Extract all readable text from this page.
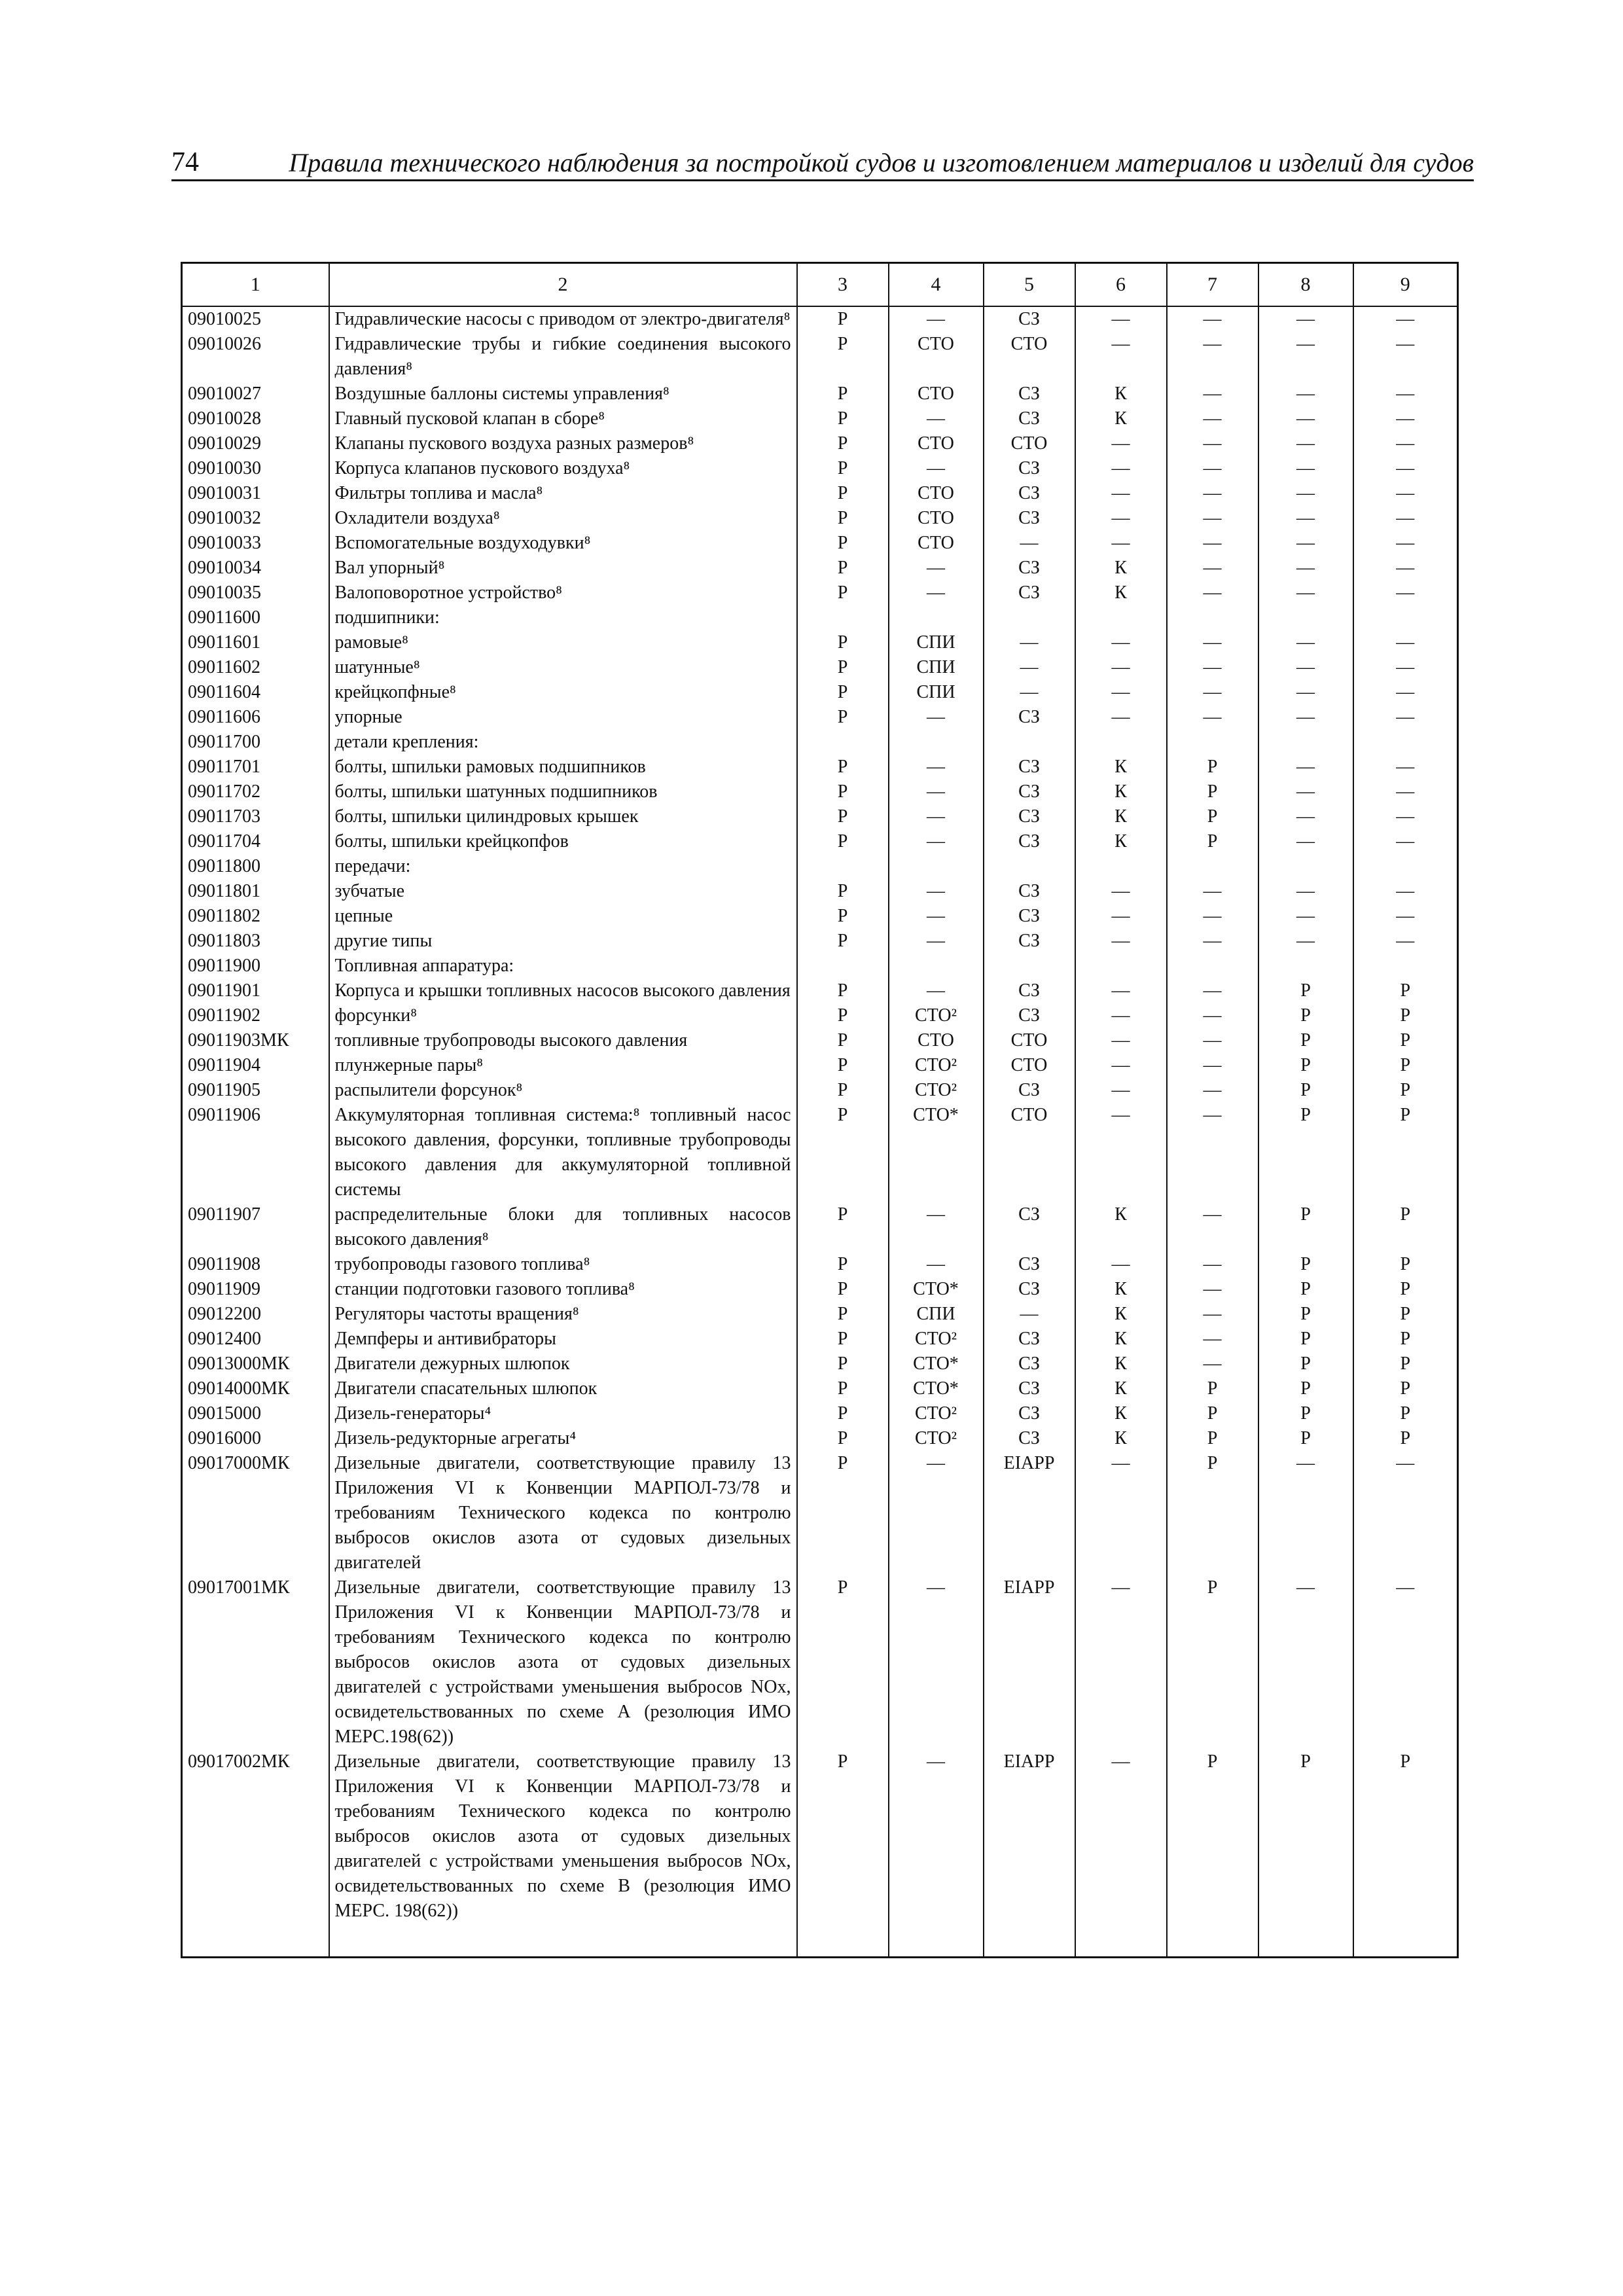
74	Правила технического наблюдения за постройкой судов и изготовлением материалов и изделий для судов
1	2	3	4	5	6	7	8	9
09010025	Гидравлические насосы с приводом от электро-двигателя⁸	Р	—	СЗ	—	—	—	—
09010026	Гидравлические трубы и гибкие соединения высокого давления⁸	Р	СТО	СТО	—	—	—	—
09010027	Воздушные баллоны системы управления⁸	Р	СТО	СЗ	К	—	—	—
09010028	Главный пусковой клапан в сборе⁸	Р	—	СЗ	К	—	—	—
09010029	Клапаны пускового воздуха разных размеров⁸	Р	СТО	СТО	—	—	—	—
09010030	Корпуса клапанов пускового воздуха⁸	Р	—	СЗ	—	—	—	—
09010031	Фильтры топлива и масла⁸	Р	СТО	СЗ	—	—	—	—
09010032	Охладители воздуха⁸	Р	СТО	СЗ	—	—	—	—
09010033	Вспомогательные воздуходувки⁸	Р	СТО	—	—	—	—	—
09010034	Вал упорный⁸	Р	—	СЗ	К	—	—	—
09010035	Валоповоротное устройство⁸	Р	—	СЗ	К	—	—	—
09011600	подшипники:							
09011601	рамовые⁸	Р	СПИ	—	—	—	—	—
09011602	шатунные⁸	Р	СПИ	—	—	—	—	—
09011604	крейцкопфные⁸	Р	СПИ	—	—	—	—	—
09011606	упорные	Р	—	СЗ	—	—	—	—
09011700	детали крепления:							
09011701	болты, шпильки рамовых подшипников	Р	—	СЗ	К	Р	—	—
09011702	болты, шпильки шатунных подшипников	Р	—	СЗ	К	Р	—	—
09011703	болты, шпильки цилиндровых крышек	Р	—	СЗ	К	Р	—	—
09011704	болты, шпильки крейцкопфов	Р	—	СЗ	К	Р	—	—
09011800	передачи:							
09011801	зубчатые	Р	—	СЗ	—	—	—	—
09011802	цепные	Р	—	СЗ	—	—	—	—
09011803	другие типы	Р	—	СЗ	—	—	—	—
09011900	Топливная аппаратура:							
09011901	Корпуса и крышки топливных насосов высокого давления	Р	—	СЗ	—	—	Р	Р
09011902	форсунки⁸	Р	СТО²	СЗ	—	—	Р	Р
09011903МК	топливные трубопроводы высокого давления	Р	СТО	СТО	—	—	Р	Р
09011904	плунжерные пары⁸	Р	СТО²	СТО	—	—	Р	Р
09011905	распылители форсунок⁸	Р	СТО²	СЗ	—	—	Р	Р
09011906	Аккумуляторная топливная система:⁸ топливный насос высокого давления, форсунки, топливные трубопроводы высокого давления для аккумуляторной топливной системы	Р	СТО*	СТО	—	—	Р	Р
09011907	распределительные блоки для топливных насосов высокого давления⁸	Р	—	СЗ	К	—	Р	Р
09011908	трубопроводы газового топлива⁸	Р	—	СЗ	—	—	Р	Р
09011909	станции подготовки газового топлива⁸	Р	СТО*	СЗ	К	—	Р	Р
09012200	Регуляторы частоты вращения⁸	Р	СПИ	—	К	—	Р	Р
09012400	Демпферы и антивибраторы	Р	СТО²	СЗ	К	—	Р	Р
09013000МК	Двигатели дежурных шлюпок	Р	СТО*	СЗ	К	—	Р	Р
09014000МК	Двигатели спасательных шлюпок	Р	СТО*	СЗ	К	Р	Р	Р
09015000	Дизель-генераторы⁴	Р	СТО²	СЗ	К	Р	Р	Р
09016000	Дизель-редукторные агрегаты⁴	Р	СТО²	СЗ	К	Р	Р	Р
09017000МК	Дизельные двигатели, соответствующие правилу 13 Приложения VI к Конвенции МАРПОЛ-73/78 и требованиям Технического кодекса по контролю выбросов окислов азота от судовых дизельных двигателей	Р	—	EIAPP	—	Р	—	—
09017001МК	Дизельные двигатели, соответствующие правилу 13 Приложения VI к Конвенции МАРПОЛ-73/78 и требованиям Технического кодекса по контролю выбросов окислов азота от судовых дизельных двигателей с устройствами уменьшения выбросов NOx, освидетельствованных по схеме А (резолюция ИМО МЕРС.198(62))	Р	—	EIAPP	—	Р	—	—
09017002МК	Дизельные двигатели, соответствующие правилу 13 Приложения VI к Конвенции МАРПОЛ-73/78 и требованиям Технического кодекса по контролю выбросов окислов азота от судовых дизельных двигателей с устройствами уменьшения выбросов NOx, освидетельствованных по схеме В (резолюция ИМО МЕРС. 198(62))	Р	—	EIAPP	—	Р	Р	Р
